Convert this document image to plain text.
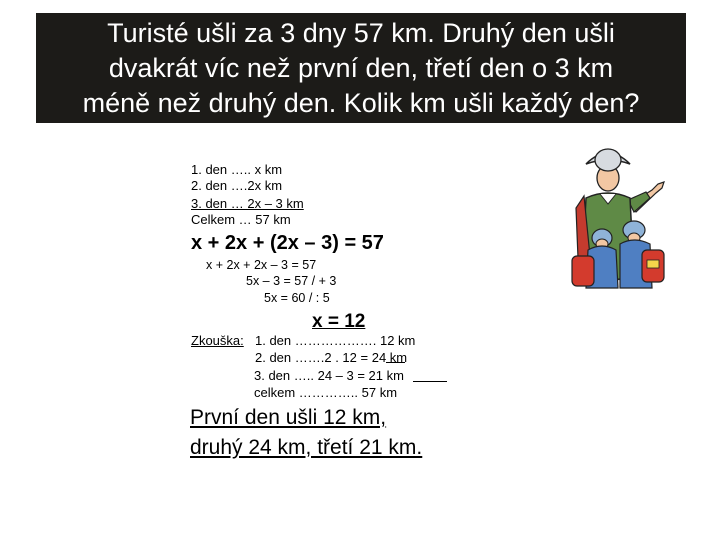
Turisté ušli za 3 dny 57 km. Druhý den ušli
dvakrát víc než první den, třetí den o 3 km
méně než druhý den. Kolik km ušli každý den?
1. den ….. x km
2. den ….2x km
3. den … 2x – 3 km
Celkem … 57 km
x + 2x + (2x – 3) = 57
x + 2x + 2x – 3 = 57
5x – 3 = 57 / + 3
5x = 60 / : 5
x = 12
Zkouška: 1. den ………………. 12 km
2. den …….2 . 12 = 24 km
3. den ….. 24 – 3 = 21 km
celkem ………….. 57 km
První den ušli 12 km,
druhý 24 km, třetí 21 km.
